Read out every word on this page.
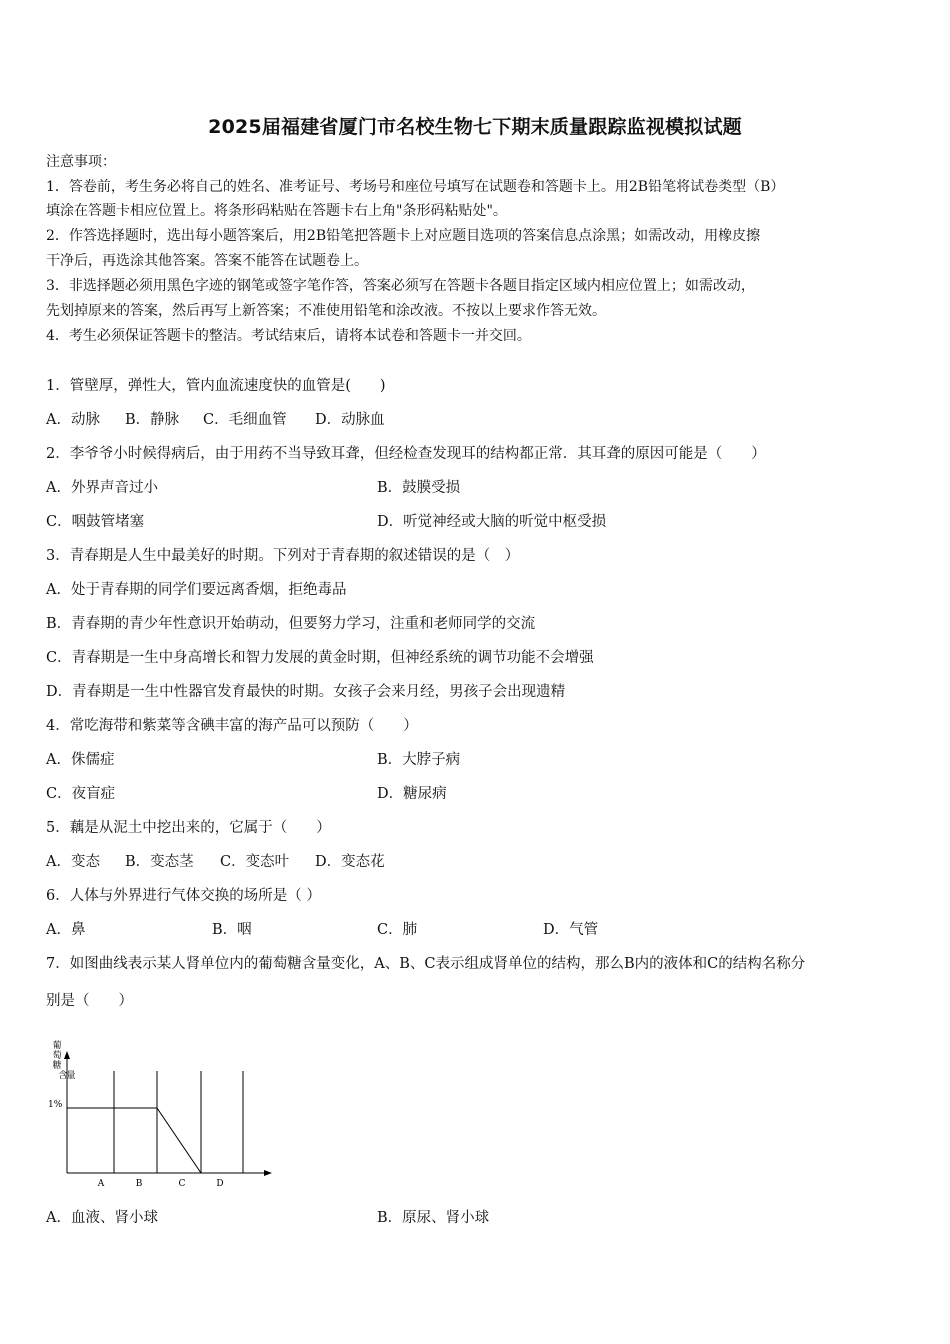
2025届福建省厦门市名校生物七下期末质量跟踪监视模拟试题
注意事项：
1．答卷前，考生务必将自己的姓名、准考证号、考场号和座位号填写在试题卷和答题卡上。用2B铅笔将试卷类型（B）
填涂在答题卡相应位置上。将条形码粘贴在答题卡右上角"条形码粘贴处"。
2．作答选择题时，选出每小题答案后，用2B铅笔把答题卡上对应题目选项的答案信息点涂黑；如需改动，用橡皮擦
干净后，再选涂其他答案。答案不能答在试题卷上。
3．非选择题必须用黑色字迹的钢笔或签字笔作答，答案必须写在答题卡各题目指定区域内相应位置上；如需改动，
先划掉原来的答案，然后再写上新答案；不准使用铅笔和涂改液。不按以上要求作答无效。
4．考生必须保证答题卡的整洁。考试结束后，请将本试卷和答题卡一并交回。
1．管壁厚，弹性大，管内血流速度快的血管是(　　)
A．动脉 B．静脉 C．毛细血管 D．动脉血
2．李爷爷小时候得病后，由于用药不当导致耳聋，但经检查发现耳的结构都正常．其耳聋的原因可能是（　　）
A．外界声音过小	B．鼓膜受损
C．咽鼓管堵塞	D．听觉神经或大脑的听觉中枢受损
3．青春期是人生中最美好的时期。下列对于青春期的叙述错误的是（　）
A．处于青春期的同学们要远离香烟，拒绝毒品
B．青春期的青少年性意识开始萌动，但要努力学习，注重和老师同学的交流
C．青春期是一生中身高增长和智力发展的黄金时期，但神经系统的调节功能不会增强
D．青春期是一生中性器官发育最快的时期。女孩子会来月经，男孩子会出现遗精
4．常吃海带和紫菜等含碘丰富的海产品可以预防（　　）
A．侏儒症	B．大脖子病
C．夜盲症	D．糖尿病
5．藕是从泥土中挖出来的，它属于（　　）
A．变态 B．变态茎 C．变态叶 D．变态花
6．人体与外界进行气体交换的场所是（ ）
A．鼻	B．咽	C．肺	D．气管
7．如图曲线表示某人肾单位内的葡萄糖含量变化，A、B、C表示组成肾单位的结构，那么B内的液体和C的结构名称分
别是（　　）
葡
萄
糖
含
量
1%
A	B	C	D
A．血液、肾小球	B．原尿、肾小球
